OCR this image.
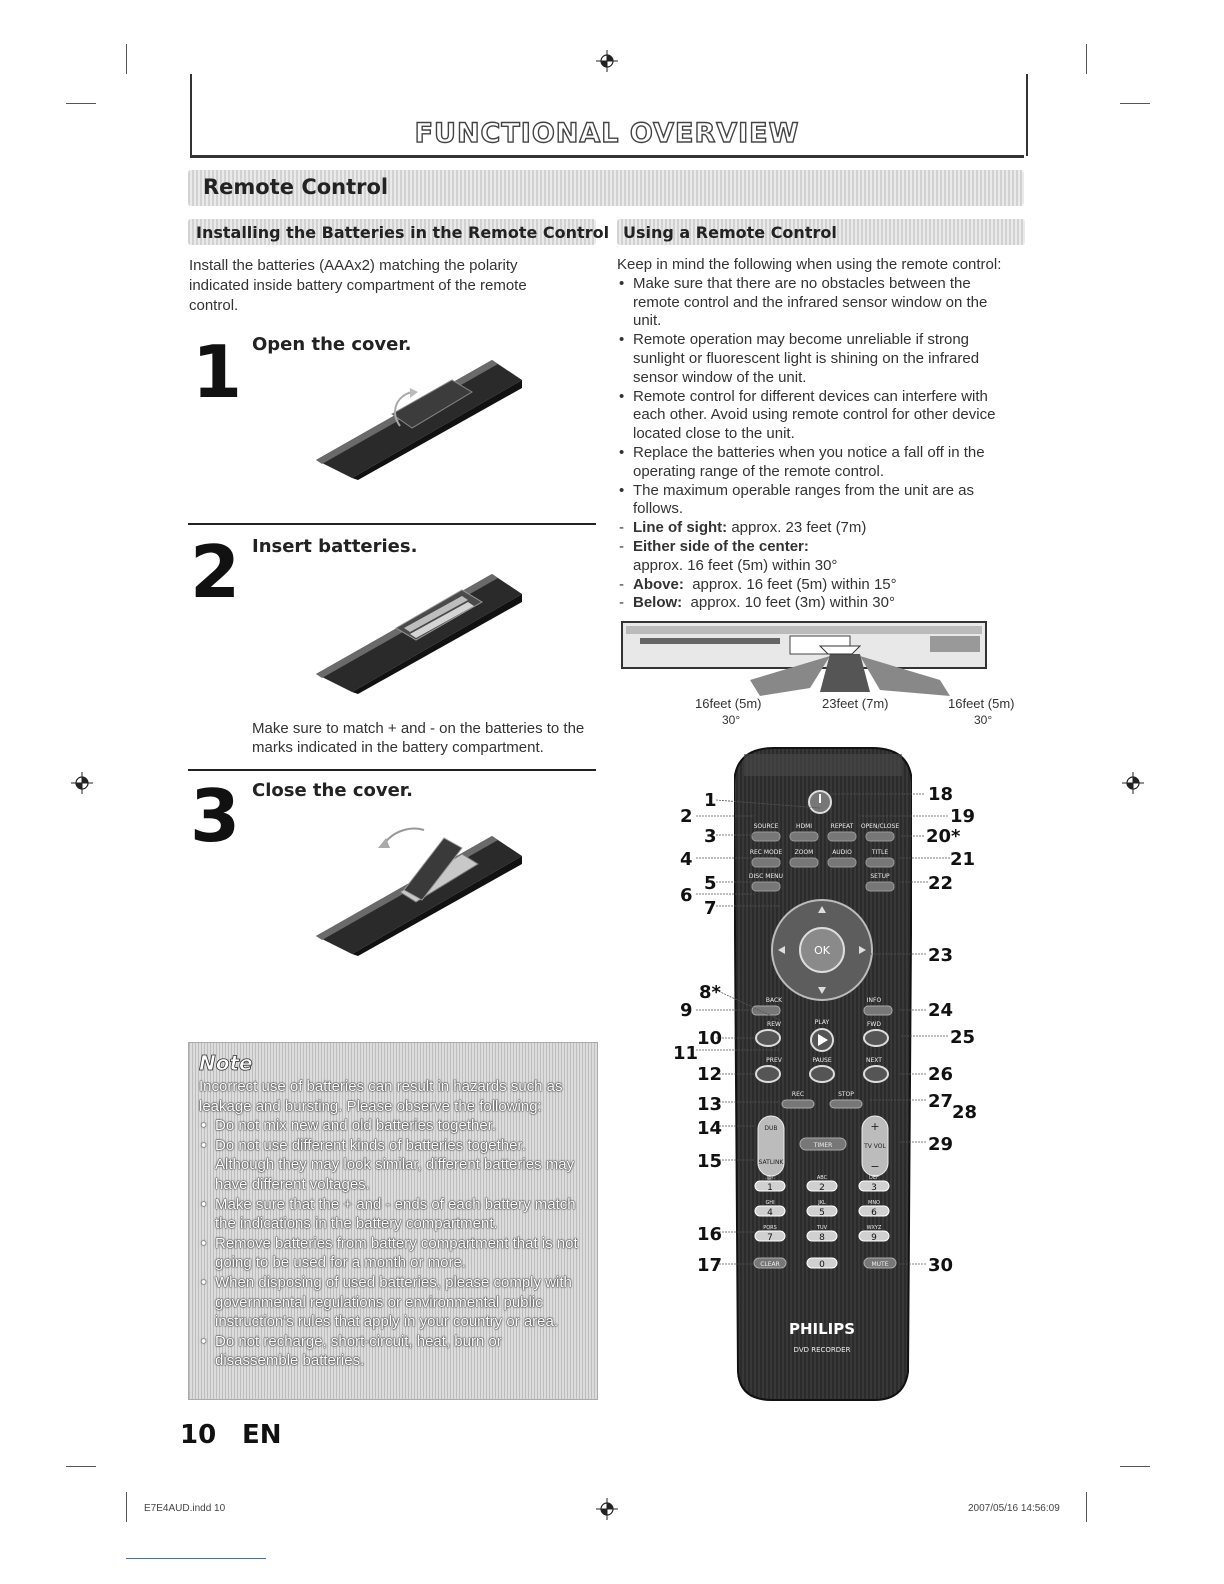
FUNCTIONAL OVERVIEW
Remote Control
Installing the Batteries in the Remote Control Using a Remote Control
Install the batteries (AAAx2) matching the polarity indicated inside battery compartment of the remote control.
1 Open the cover.
2 Insert batteries.
Make sure to match + and - on the batteries to the marks indicated in the battery compartment.
3 Close the cover.
Note
Incorrect use of batteries can result in hazards such as leakage and bursting. Please observe the following:
• Do not mix new and old batteries together.
• Do not use different kinds of batteries together. Although they may look similar, different batteries may have different voltages.
• Make sure that the + and - ends of each battery match the indications in the battery compartment.
• Remove batteries from battery compartment that is not going to be used for a month or more.
• When disposing of used batteries, please comply with governmental regulations or environmental public instruction's rules that apply in your country or area.
• Do not recharge, short-circuit, heat, burn or disassemble batteries.
Keep in mind the following when using the remote control:
• Make sure that there are no obstacles between the remote control and the infrared sensor window on the unit.
• Remote operation may become unreliable if strong sunlight or fluorescent light is shining on the infrared sensor window of the unit.
• Remote control for different devices can interfere with each other. Avoid using remote control for other device located close to the unit.
• Replace the batteries when you notice a fall off in the operating range of the remote control.
• The maximum operable ranges from the unit are as follows.
- Line of sight: approx. 23 feet (7m)
- Either side of the center:
approx. 16 feet (5m) within 30°
- Above: approx. 16 feet (5m) within 15°
- Below: approx. 10 feet (3m) within 30°
16feet (5m)
30°
23feet (7m)	16feet (5m)
30°
SOURCE	HDMI	REPEAT OPEN/CLOSE
REC MODE ZOOM	AUDIO	TITLE
DISC MENU	SETUP
OK
BACK	INFO
REW	PLAY	FWD
PREV	PAUSE	NEXT
REC	STOP
DUB
SATLINK
TV VOL
TIMER
+
−
1
.@/:
2
ABC
3
DEF
4
GHI
5
JKL
6
MNO
7
PQRS
8
TUV
9
WXYZ
0
CLEAR	MUTE
PHILIPS
DVD RECORDER
1
2
3
4
5
6
7
8*
9
10
11
12
13
14
15
16
17
18
19
20*
21
22
23
24
25
26
27
28
29
30
10 EN
E7E4AUD.indd 10	2007/05/16 14:56:09
